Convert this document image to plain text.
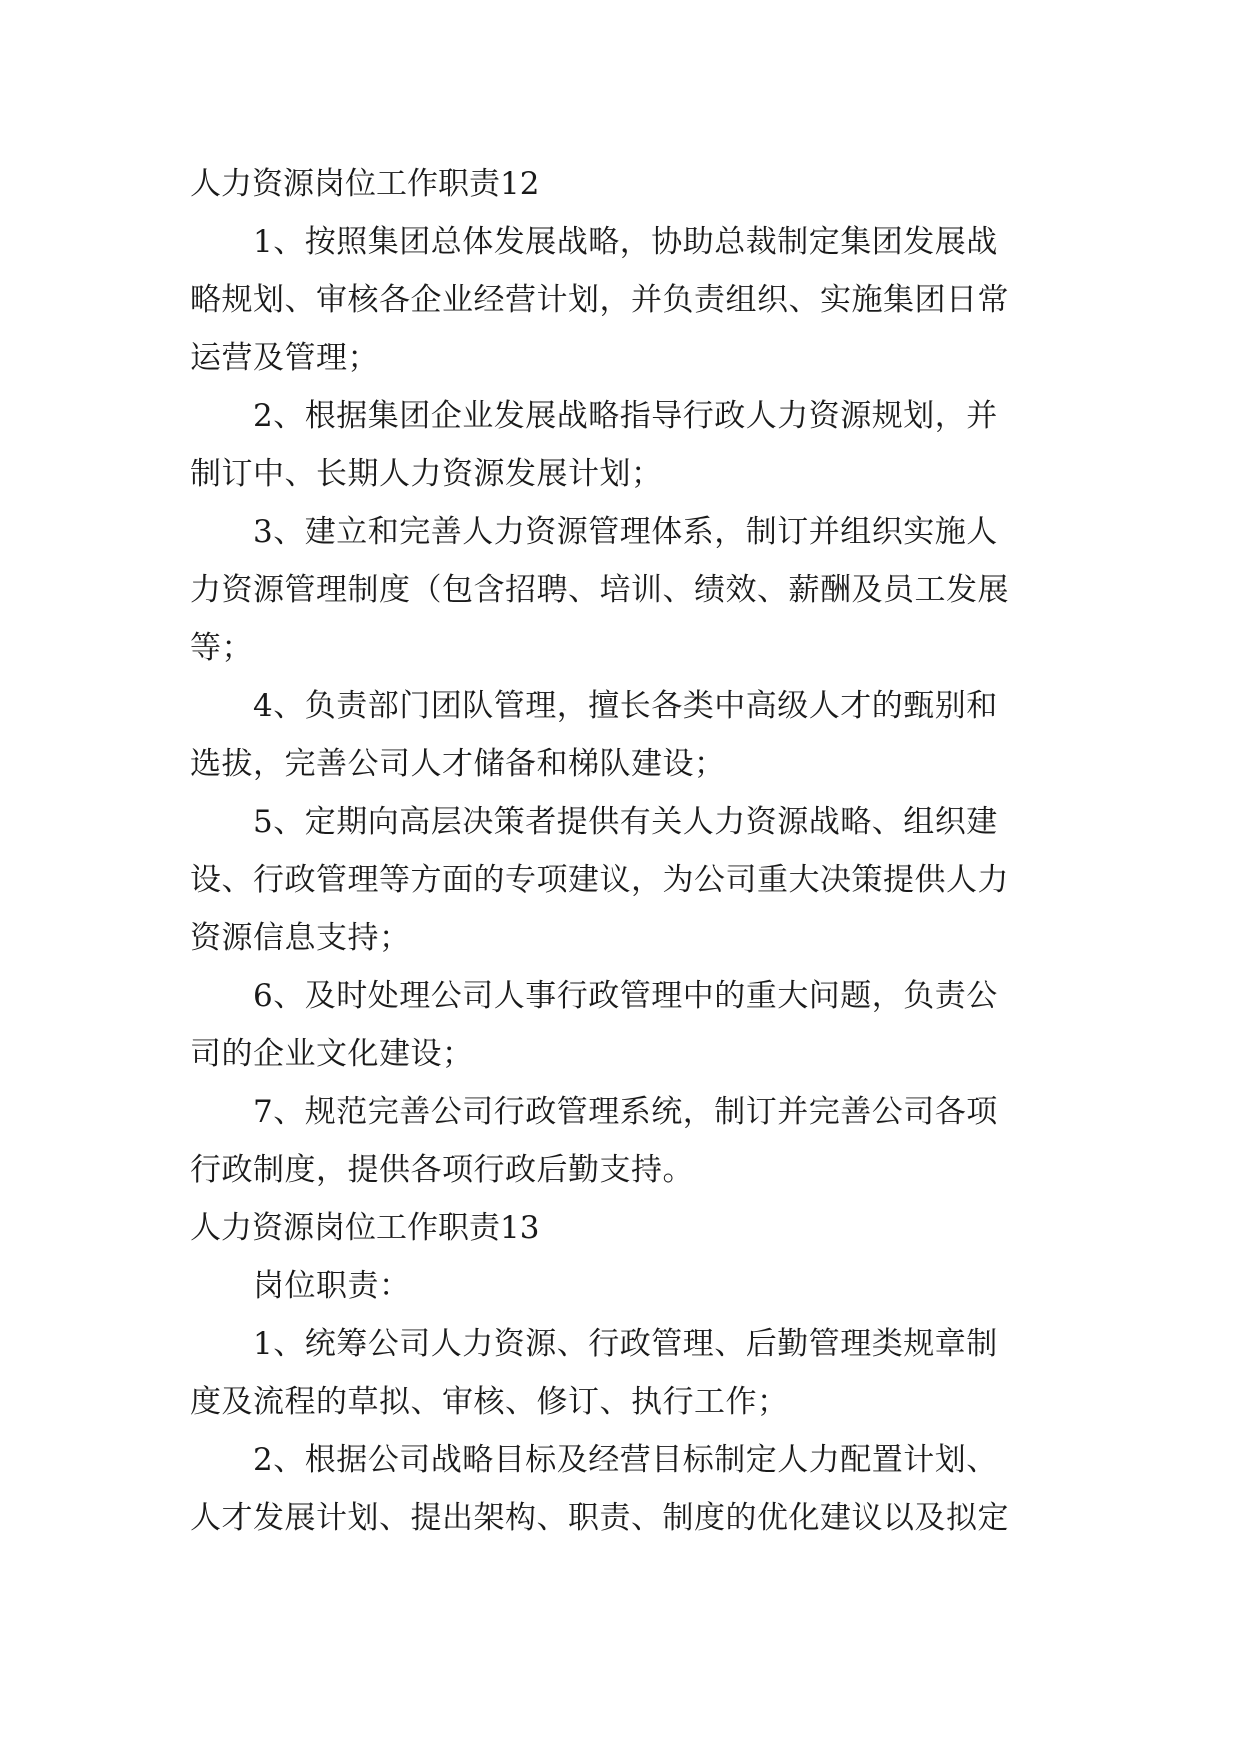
人力资源岗位工作职责12
1、按照集团总体发展战略，协助总裁制定集团发展战
略规划、审核各企业经营计划，并负责组织、实施集团日常
运营及管理；
2、根据集团企业发展战略指导行政人力资源规划，并
制订中、长期人力资源发展计划；
3、建立和完善人力资源管理体系，制订并组织实施人
力资源管理制度（包含招聘、培训、绩效、薪酬及员工发展
等；
4、负责部门团队管理，擅长各类中高级人才的甄别和
选拔，完善公司人才储备和梯队建设；
5、定期向高层决策者提供有关人力资源战略、组织建
设、行政管理等方面的专项建议，为公司重大决策提供人力
资源信息支持；
6、及时处理公司人事行政管理中的重大问题，负责公
司的企业文化建设；
7、规范完善公司行政管理系统，制订并完善公司各项
行政制度，提供各项行政后勤支持。
人力资源岗位工作职责13
岗位职责：
1、统筹公司人力资源、行政管理、后勤管理类规章制
度及流程的草拟、审核、修订、执行工作；
2、根据公司战略目标及经营目标制定人力配置计划、
人才发展计划、提出架构、职责、制度的优化建议以及拟定
